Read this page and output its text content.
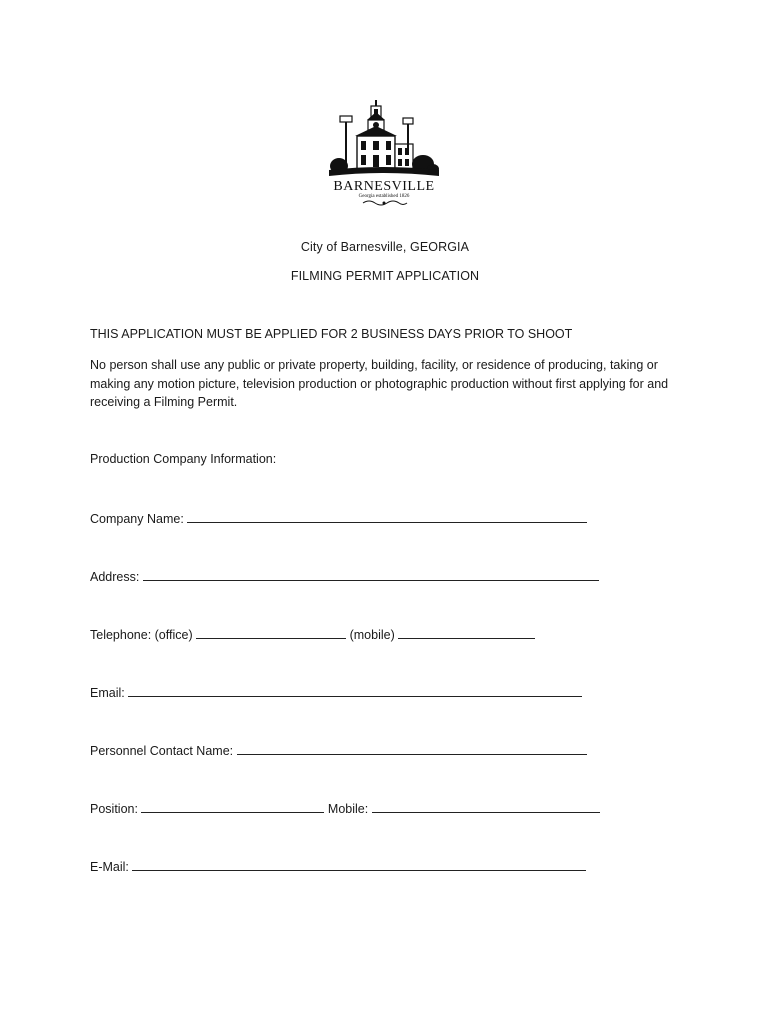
BARNESVILLE
Georgia established 1826
City of Barnesville, GEORGIA
FILMING PERMIT APPLICATION
THIS APPLICATION MUST BE APPLIED FOR 2 BUSINESS DAYS PRIOR TO SHOOT
No person shall use any public or private property, building, facility, or residence of producing, taking or making any motion picture, television production or photographic production without first applying for and receiving a Filming Permit.
Production Company Information:
Company Name:
Address:
Telephone: (office)	(mobile)
Email:
Personnel Contact Name:
Position:	Mobile:
E-Mail:
